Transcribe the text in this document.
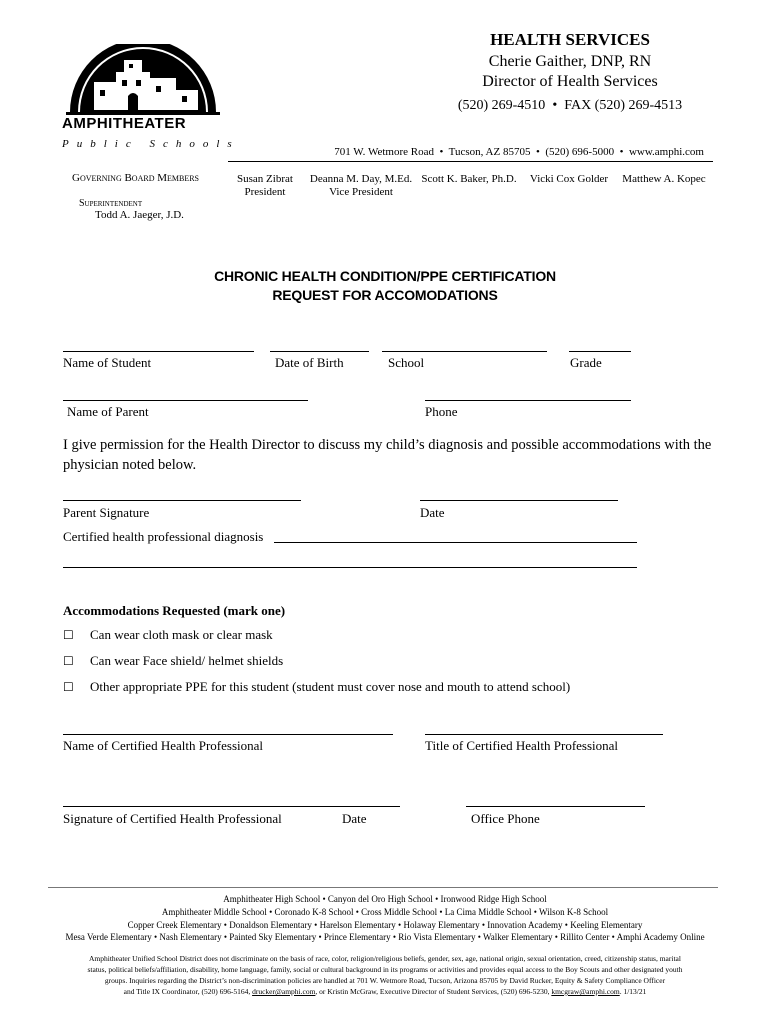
AMPHITHEATER
Public Schools
HEALTH SERVICES
Cherie Gaither, DNP, RN
Director of Health Services
(520) 269-4510  •  FAX (520) 269-4513
701 W. Wetmore Road  •  Tucson, AZ 85705  •  (520) 696-5000  •  www.amphi.com
Governing Board Members
Superintendent
Todd A. Jaeger, J.D.
Susan Zibrat
President
Deanna M. Day, M.Ed.
Vice President
Scott K. Baker, Ph.D.	Vicki Cox Golder	Matthew A. Kopec
CHRONIC HEALTH CONDITION/PPE CERTIFICATION
REQUEST FOR ACCOMODATIONS
Name of Student	Date of Birth	School	Grade
Name of Parent	Phone
I give permission for the Health Director to discuss my child’s diagnosis and possible accommodations with the physician noted below.
Parent Signature	Date
Certified health professional diagnosis
Accommodations Requested (mark one)
☐ Can wear cloth mask or clear mask
☐ Can wear Face shield/ helmet shields
☐ Other appropriate PPE for this student (student must cover nose and mouth to attend school)
Name of Certified Health Professional	Title of Certified Health Professional
Signature of Certified Health Professional	Date	Office Phone
Amphitheater High School • Canyon del Oro High School • Ironwood Ridge High School
Amphitheater Middle School • Coronado K-8 School • Cross Middle School • La Cima Middle School • Wilson K-8 School
Copper Creek Elementary • Donaldson Elementary • Harelson Elementary • Holaway Elementary • Innovation Academy • Keeling Elementary
Mesa Verde Elementary • Nash Elementary • Painted Sky Elementary • Prince Elementary • Rio Vista Elementary • Walker Elementary • Rillito Center • Amphi Academy Online
Amphitheater Unified School District does not discriminate on the basis of race, color, religion/religious beliefs, gender, sex, age, national origin, sexual orientation, creed, citizenship status, marital
status, political beliefs/affiliation, disability, home language, family, social or cultural background in its programs or activities and provides equal access to the Boy Scouts and other designated youth
groups. Inquiries regarding the District’s non-discrimination policies are handled at 701 W. Wetmore Road, Tucson, Arizona 85705 by David Rucker, Equity & Safety Compliance Officer
and Title IX Coordinator, (520) 696-5164, drucker@amphi.com, or Kristin McGraw, Executive Director of Student Services, (520) 696-5230, kmcgraw@amphi.com. 1/13/21
